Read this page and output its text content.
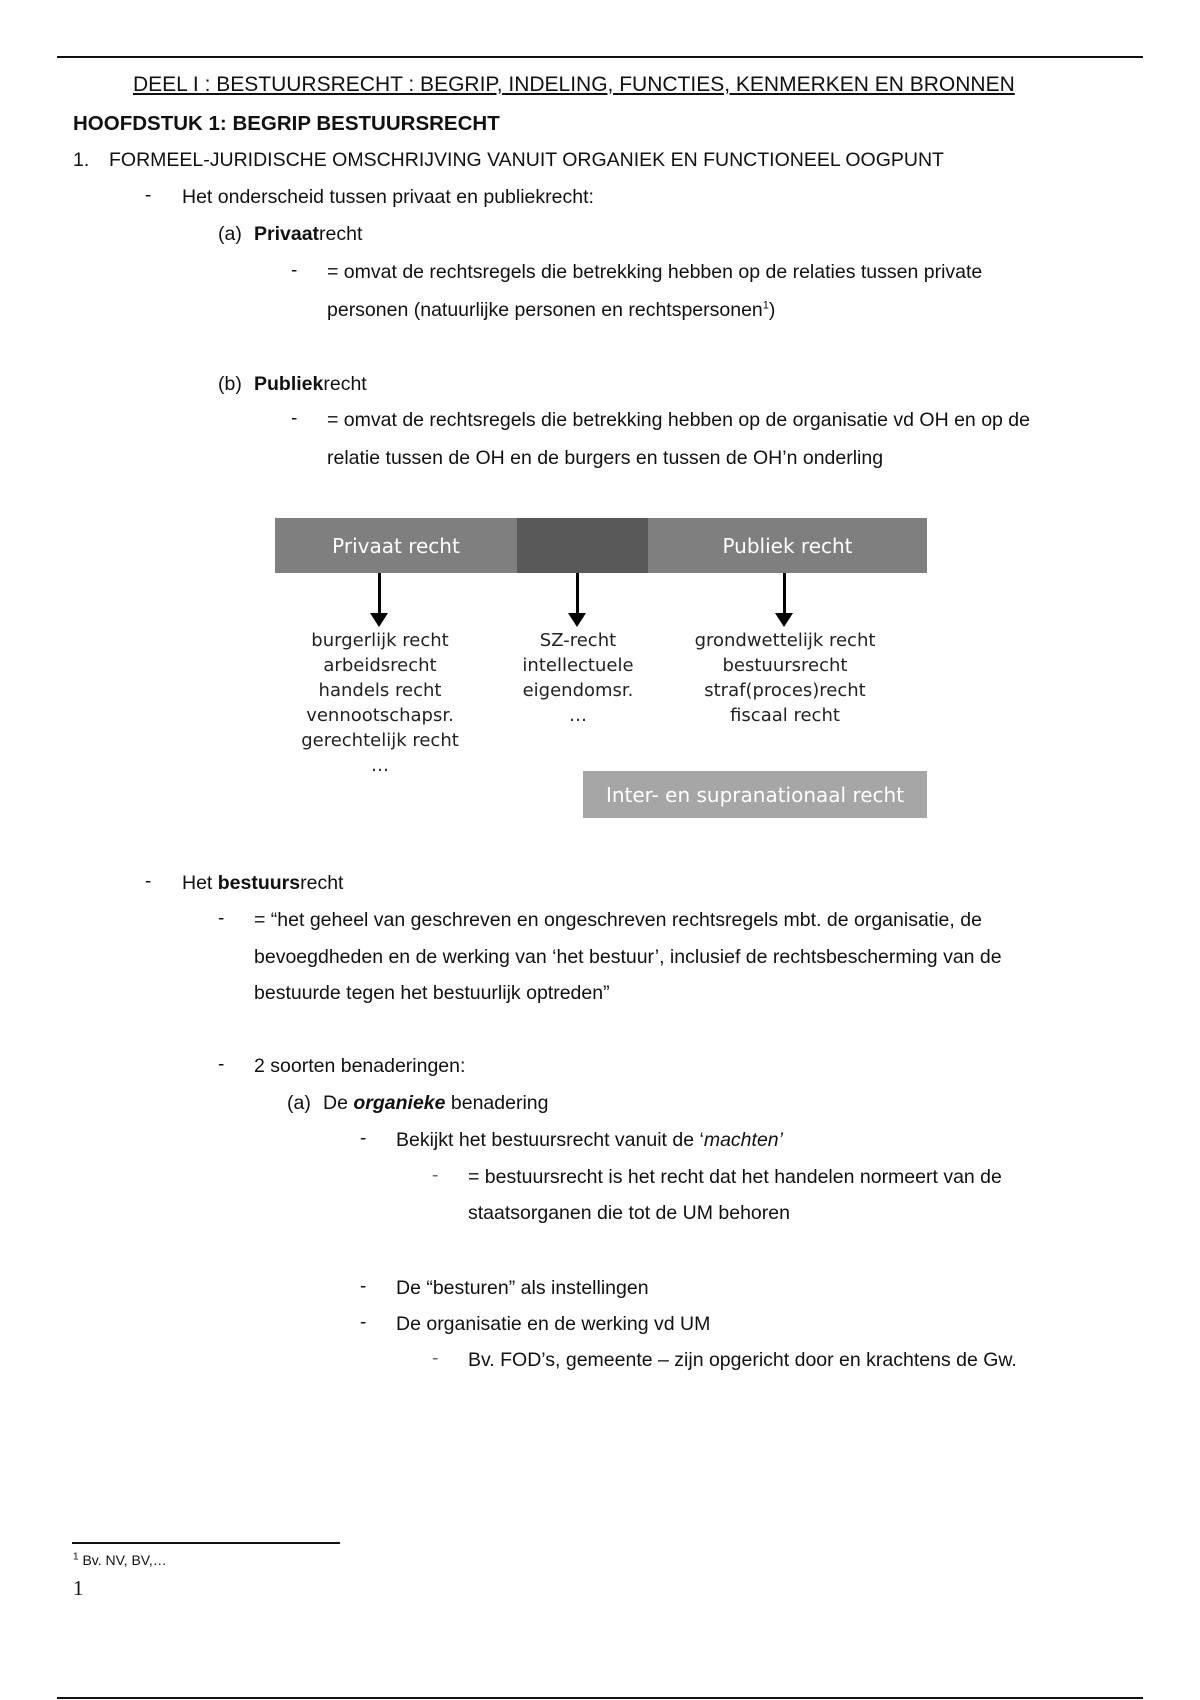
DEEL I : BESTUURSRECHT : BEGRIP, INDELING, FUNCTIES, KENMERKEN EN BRONNEN
HOOFDSTUK 1: BEGRIP BESTUURSRECHT
1. FORMEEL-JURIDISCHE OMSCHRIJVING VANUIT ORGANIEK EN FUNCTIONEEL OOGPUNT
- Het onderscheid tussen privaat en publiekrecht:
(a) Privaatrecht
- = omvat de rechtsregels die betrekking hebben op de relaties tussen private
personen (natuurlijke personen en rechtspersonen$^1$)
(b) Publiekrecht
- = omvat de rechtsregels die betrekking hebben op de organisatie vd OH en op de
relatie tussen de OH en de burgers en tussen de OH’n onderling
Privaat recht	Publiek recht
burgerlijk recht
arbeidsrecht
handels recht
vennootschapsr.
gerechtelijk recht
…
SZ-recht
intellectuele
eigendomsr.
…
grondwettelijk recht
bestuursrecht
straf(proces)recht
fiscaal recht
Inter- en supranationaal recht
- Het bestuursrecht
- = “het geheel van geschreven en ongeschreven rechtsregels mbt. de organisatie, de
bevoegdheden en de werking van ‘het bestuur’, inclusief de rechtsbescherming van de
bestuurde tegen het bestuurlijk optreden”
- 2 soorten benaderingen:
(a) De organieke benadering
- Bekijkt het bestuursrecht vanuit de ‘machten’
- = bestuursrecht is het recht dat het handelen normeert van de
staatsorganen die tot de UM behoren
- De “besturen” als instellingen
- De organisatie en de werking vd UM
- Bv. FOD’s, gemeente – zijn opgericht door en krachtens de Gw.
$^1$ Bv. NV, BV,…
1
